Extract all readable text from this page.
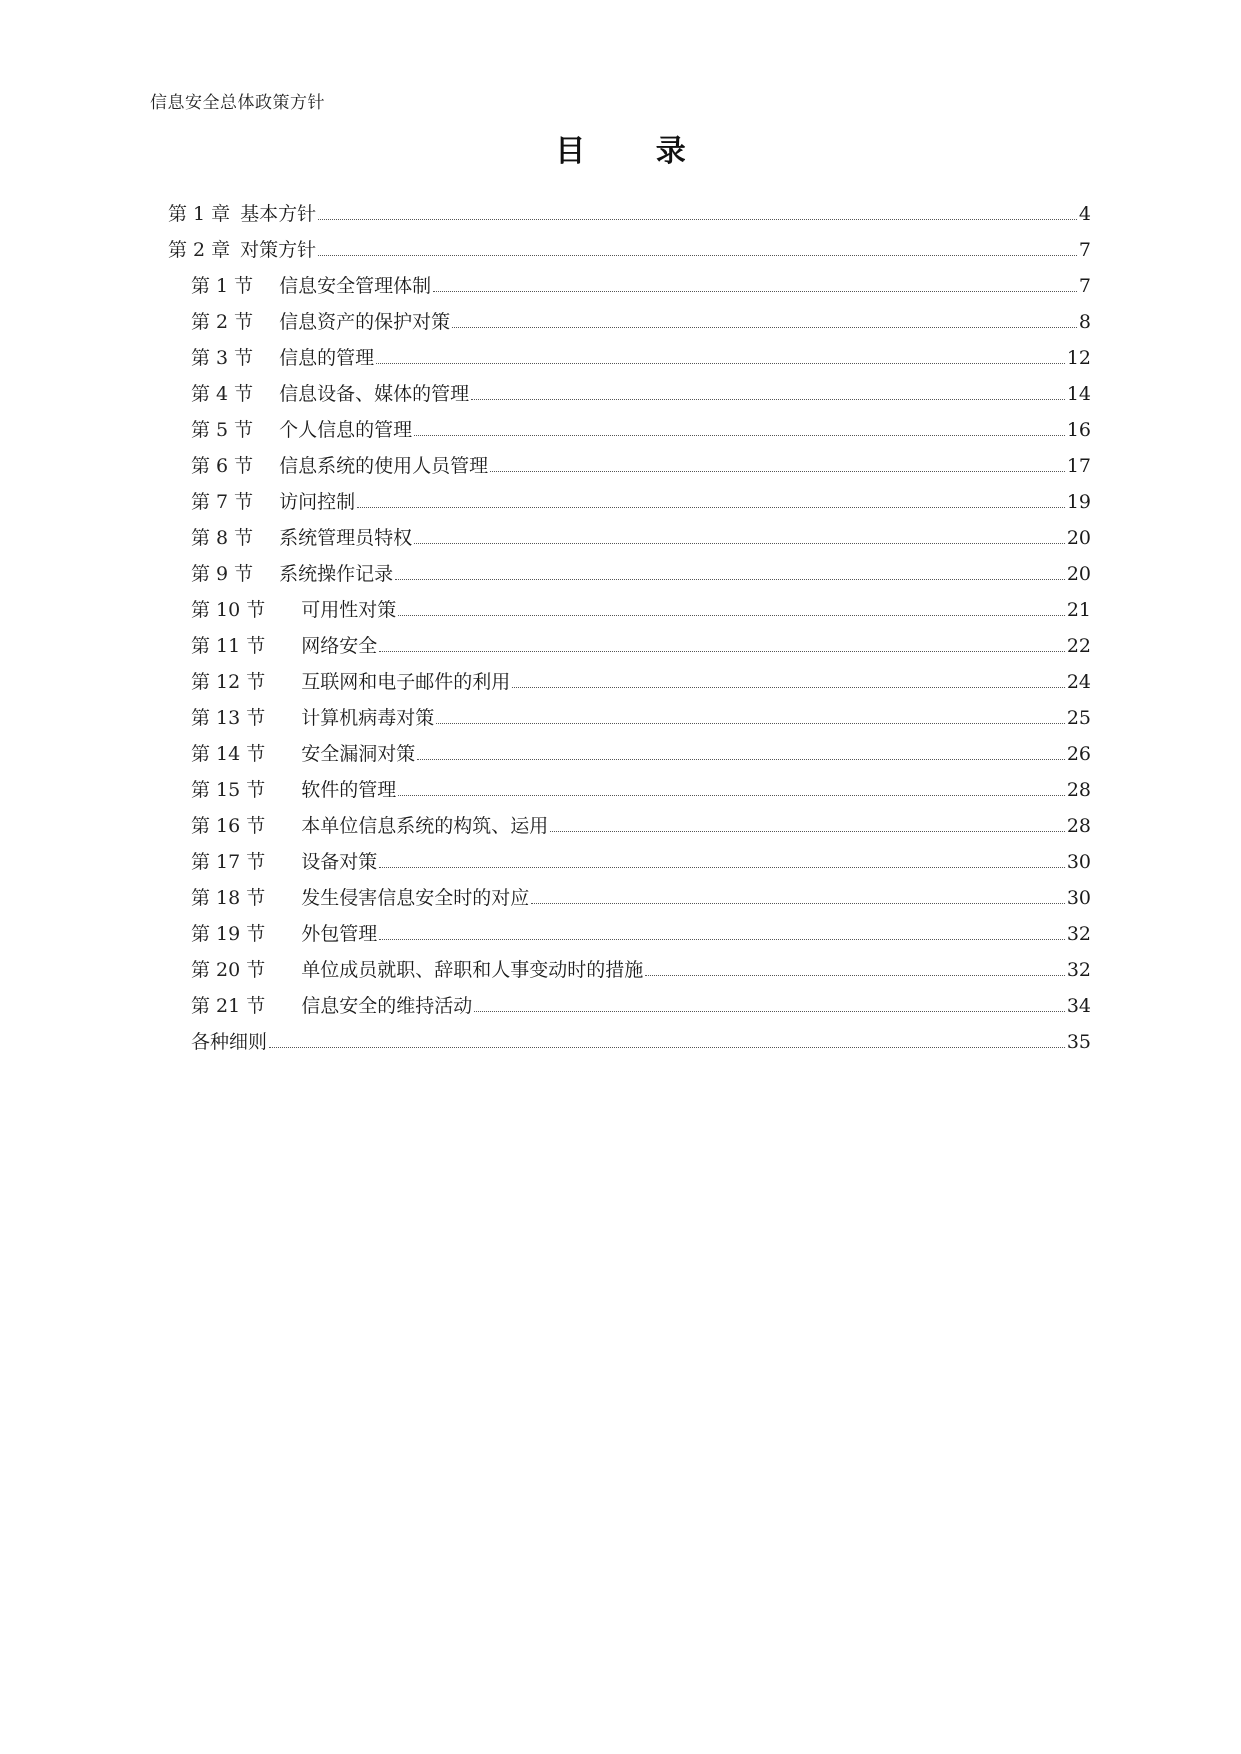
信息安全总体政策方针
目 录
第 1 章 基本方针	4
第 2 章 对策方针	7
第 1 节 信息安全管理体制	7
第 2 节 信息资产的保护对策	8
第 3 节 信息的管理	12
第 4 节 信息设备、媒体的管理	14
第 5 节 个人信息的管理	16
第 6 节 信息系统的使用人员管理	17
第 7 节 访问控制	19
第 8 节 系统管理员特权	20
第 9 节 系统操作记录	20
第 10 节 可用性对策	21
第 11 节 网络安全	22
第 12 节 互联网和电子邮件的利用	24
第 13 节 计算机病毒对策	25
第 14 节 安全漏洞对策	26
第 15 节 软件的管理	28
第 16 节 本单位信息系统的构筑、运用	28
第 17 节 设备对策	30
第 18 节 发生侵害信息安全时的对应	30
第 19 节 外包管理	32
第 20 节 单位成员就职、辞职和人事变动时的措施	32
第 21 节 信息安全的维持活动	34
各种细则	35
